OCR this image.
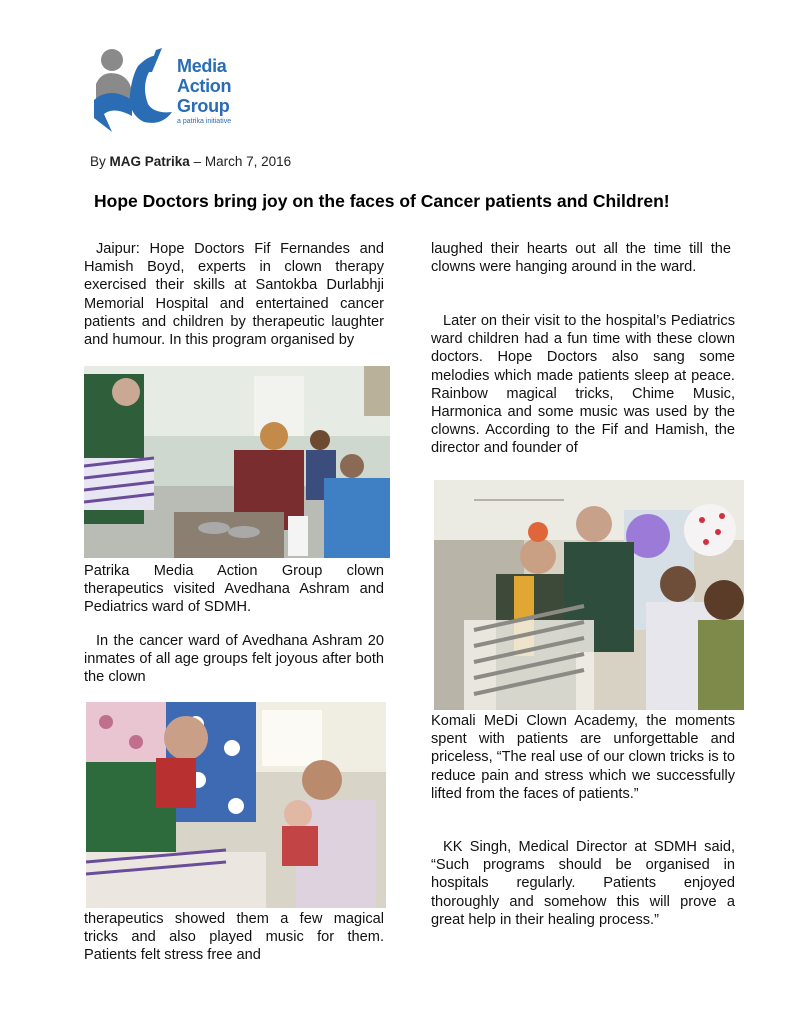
Media
Action
Group
a patrika initiative
By MAG Patrika – March 7, 2016
Hope Doctors bring joy on the faces of Cancer patients and Children!
Jaipur: Hope Doctors Fif Fernandes and Hamish Boyd, experts in clown therapy exercised their skills at Santokba Durlabhji Memorial Hospital and entertained cancer patients and children by therapeutic laughter and humour. In this program organised by
Patrika Media Action Group clown therapeutics visited Avedhana Ashram and Pediatrics ward of SDMH.
In the cancer ward of Avedhana Ashram 20 inmates of all age groups felt joyous after both the clown
therapeutics showed them a few magical tricks and also played music for them. Patients felt stress free and
laughed their hearts out all the time till the clowns were hanging around in the ward.
Later on their visit to the hospital’s Pediatrics ward children had a fun time with these clown doctors. Hope Doctors also sang some melodies which made patients sleep at peace. Rainbow magical tricks, Chime Music, Harmonica and some music was used by the clowns. According to the Fif and Hamish, the director and founder of
Komali MeDi Clown Academy, the moments spent with patients are unforgettable and priceless, “The real use of our clown tricks is to reduce pain and stress which we successfully lifted from the faces of patients.”
KK Singh, Medical Director at SDMH said, “Such programs should be organised in hospitals regularly. Patients enjoyed thoroughly and somehow this will prove a great help in their healing process.”
